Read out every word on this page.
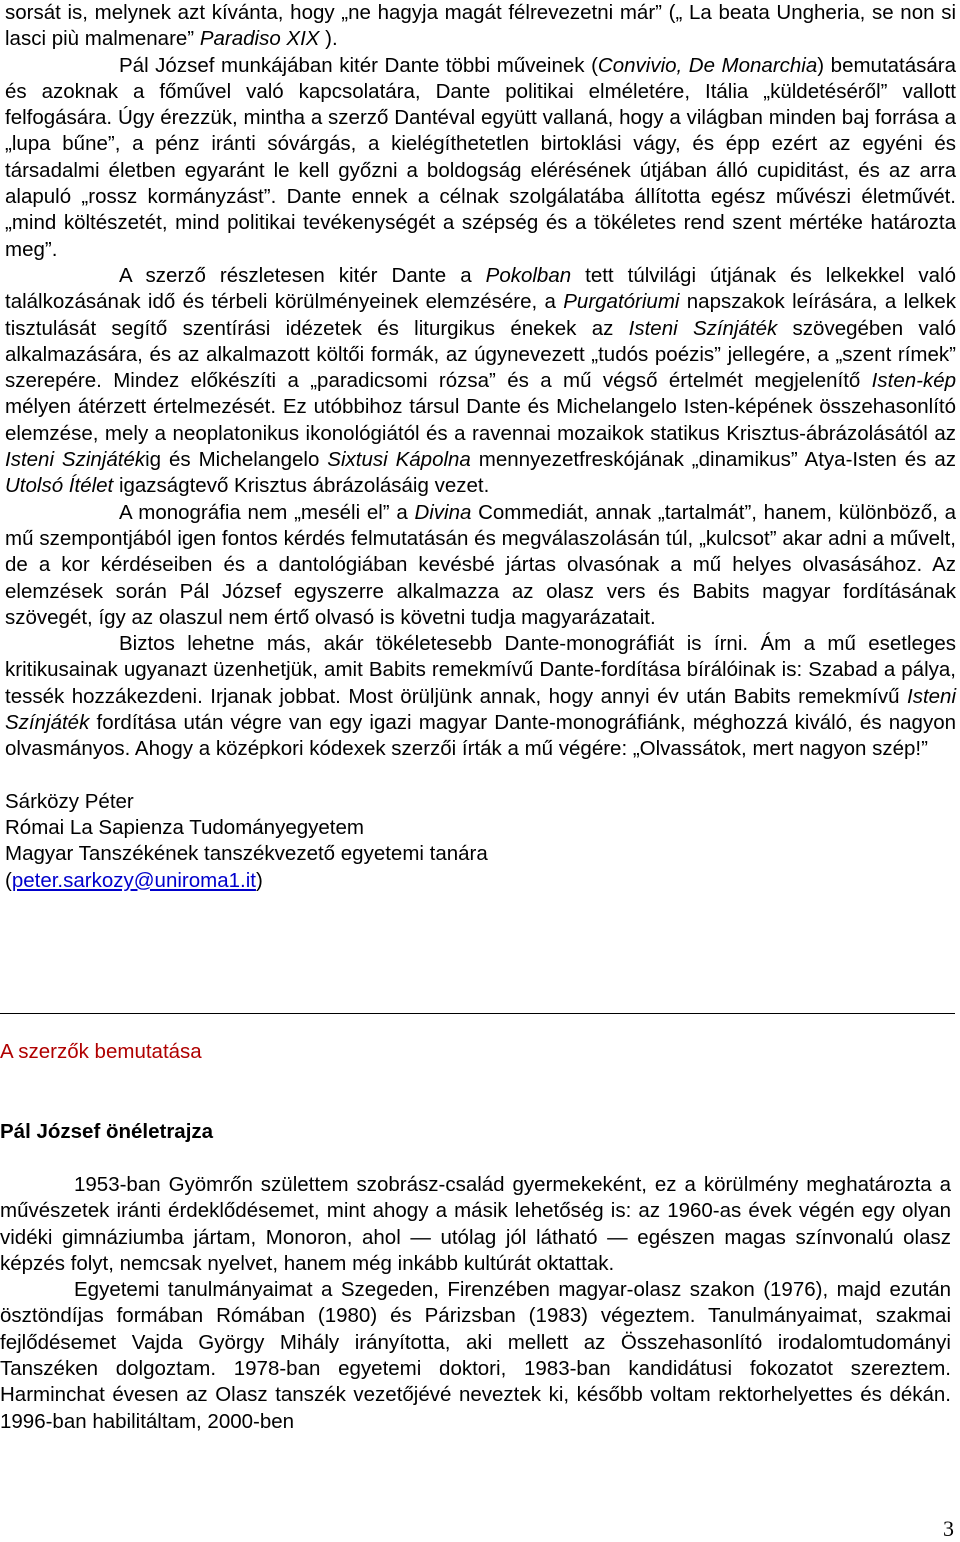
sorsát is, melynek azt kívánta, hogy „ne hagyja magát félrevezetni már” („ La beata Ungheria, se non si lasci più malmenare” Paradiso XIX ).

Pál József munkájában kitér Dante többi műveinek (Convivio, De Monarchia) bemutatására és azoknak a főművel való kapcsolatára, Dante politikai elméletére, Itália „küldetéséről” vallott felfogására. Úgy érezzük, mintha a szerző Dantéval együtt vallaná, hogy a világban minden baj forrása a „lupa bűne”, a pénz iránti sóvárgás, a kielégíthetetlen birtoklási vágy, és épp ezért az egyéni és társadalmi életben egyaránt le kell győzni a boldogság elérésének útjában álló cupiditást, és az arra alapuló „rossz kormányzást”. Dante ennek a célnak szolgálatába állította egész művészi életművét. „mind költészetét, mind politikai tevékenységét a szépség és a tökéletes rend szent mértéke határozta meg”.

A szerző részletesen kitér Dante a Pokolban tett túlvilági útjának és lelkekkel való találkozásának idő és térbeli körülményeinek elemzésére, a Purgatóriumi napszakok leírására, a lelkek tisztulását segítő szentírási idézetek és liturgikus énekek az Isteni Színjáték szövegében való alkalmazására, és az alkalmazott költői formák, az úgynevezett „tudós poézis” jellegére, a „szent rímek” szerepére. Mindez előkészíti a „paradicsomi rózsa” és a mű végső értelmét megjelenítő Isten-kép mélyen átérzett értelmezését. Ez utóbbihoz társul Dante és Michelangelo Isten-képének összehasonlító elemzése, mely a neoplatonikus ikonológiától és a ravennai mozaikok statikus Krisztus-ábrázolásától az Isteni Szinjátékig és Michelangelo Sixtusi Kápolna mennyezetfreskójának „dinamikus” Atya-Isten és az Utolsó Ítélet igazságtevő Krisztus ábrázolásáig vezet.

A monográfia nem „meséli el” a Divina Commediát, annak „tartalmát”, hanem, különböző, a mű szempontjából igen fontos kérdés felmutatásán és megválaszolásán túl, „kulcsot” akar adni a művelt, de a kor kérdéseiben és a dantológiában kevésbé jártas olvasónak a mű helyes olvasásához. Az elemzések során Pál József egyszerre alkalmazza az olasz vers és Babits magyar fordításának szövegét, így az olaszul nem értő olvasó is követni tudja magyarázatait.

Biztos lehetne más, akár tökéletesebb Dante-monográfiát is írni. Ám a mű esetleges kritikusainak ugyanazt üzenhetjük, amit Babits remekmívű Dante-fordítása bírálóinak is: Szabad a pálya, tessék hozzákezdeni. Irjanak jobbat. Most örüljünk annak, hogy annyi év után Babits remekmívű Isteni Színjáték fordítása után végre van egy igazi magyar Dante-monográfiánk, méghozzá kiváló, és nagyon olvasmányos. Ahogy a középkori kódexek szerzői írták a mű végére: „Olvassátok, mert nagyon szép!”

Sárközy Péter
Római La Sapienza Tudományegyetem
Magyar Tanszékének tanszékvezető egyetemi tanára
(peter.sarkozy@uniroma1.it)

A szerzők bemutatása
Pál József önéletrajza

1953-ban Gyömrőn születtem szobrász-család gyermekeként, ez a körülmény meghatározta a művészetek iránti érdeklődésemet, mint ahogy a másik lehetőség is: az 1960-as évek végén egy olyan vidéki gimnáziumba jártam, Monoron, ahol — utólag jól látható — egészen magas színvonalú olasz képzés folyt, nemcsak nyelvet, hanem még inkább kultúrát oktattak.

Egyetemi tanulmányaimat a Szegeden, Firenzében magyar-olasz szakon (1976), majd ezután ösztöndíjas formában Rómában (1980) és Párizsban (1983) végeztem. Tanulmányaimat, szakmai fejlődésemet Vajda György Mihály irányította, aki mellett az Összehasonlító irodalomtudományi Tanszéken dolgoztam. 1978-ban egyetemi doktori, 1983-ban kandidátusi fokozatot szereztem. Harminchat évesen az Olasz tanszék vezetőjévé neveztek ki, később voltam rektorhelyettes és dékán. 1996-ban habilitáltam, 2000-ben

3
